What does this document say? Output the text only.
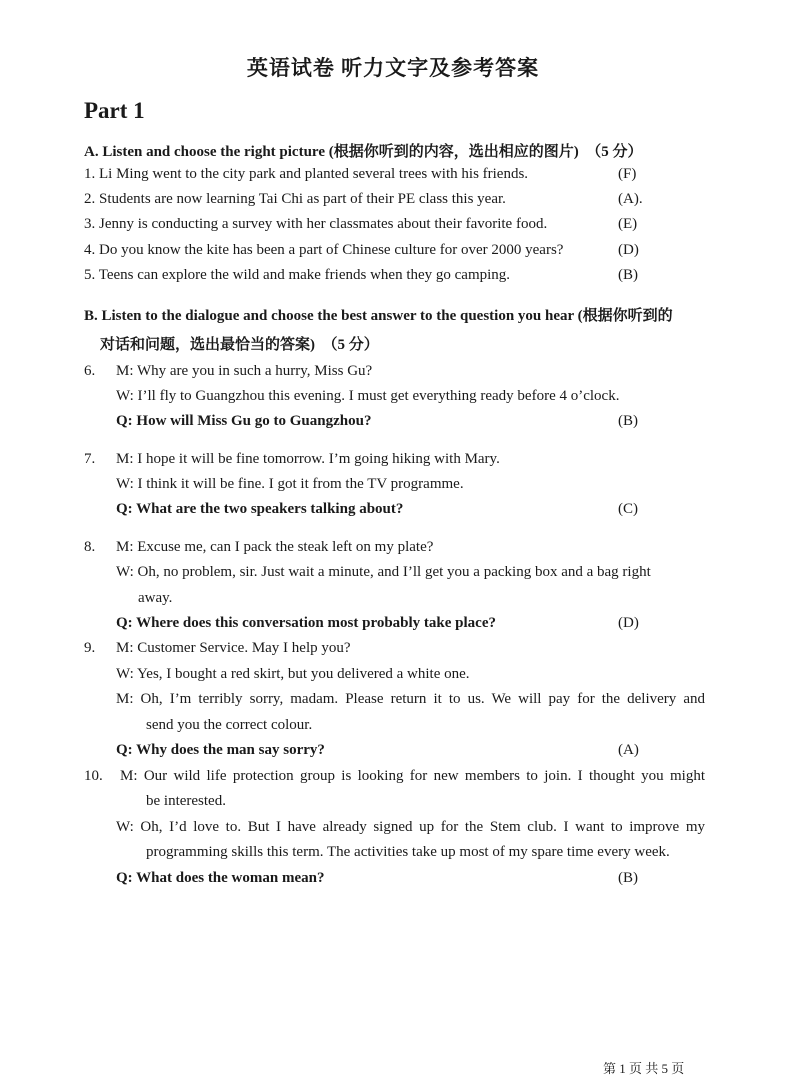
英语试卷 听力文字及参考答案
Part 1
A. Listen and choose the right picture (根据你听到的内容，选出相应的图片)　（5 分）
1. Li Ming went to the city park and planted several trees with his friends.	(F)
2. Students are now learning Tai Chi as part of their PE class this year.	(A).
3. Jenny is conducting a survey with her classmates about their favorite food.	(E)
4. Do you know the kite has been a part of Chinese culture for over 2000 years?	(D)
5. Teens can explore the wild and make friends when they go camping.	(B)
B. Listen to the dialogue and choose the best answer to the question you hear (根据你听到的
对话和问题，选出最恰当的答案)　（5 分）
6. M: Why are you in such a hurry, Miss Gu?
W: I’ll fly to Guangzhou this evening. I must get everything ready before 4 o’clock.
Q: How will Miss Gu go to Guangzhou?	(B)
7. M: I hope it will be fine tomorrow. I’m going hiking with Mary.
W: I think it will be fine. I got it from the TV programme.
Q: What are the two speakers talking about?	(C)
8. M: Excuse me, can I pack the steak left on my plate?
W: Oh, no problem, sir. Just wait a minute, and I’ll get you a packing box and a bag right
away.
Q: Where does this conversation most probably take place?	(D)
9. M: Customer Service. May I help you?
W: Yes, I bought a red skirt, but you delivered a white one.
M: Oh, I’m terribly sorry, madam. Please return it to us. We will pay for the delivery and
send you the correct colour.
Q: Why does the man say sorry?	(A)
10. M: Our wild life protection group is looking for new members to join. I thought you might
be interested.
W: Oh, I’d love to. But I have already signed up for the Stem club. I want to improve my
programming skills this term. The activities take up most of my spare time every week.
Q: What does the woman mean?	(B)
第 1 页 共 5 页
